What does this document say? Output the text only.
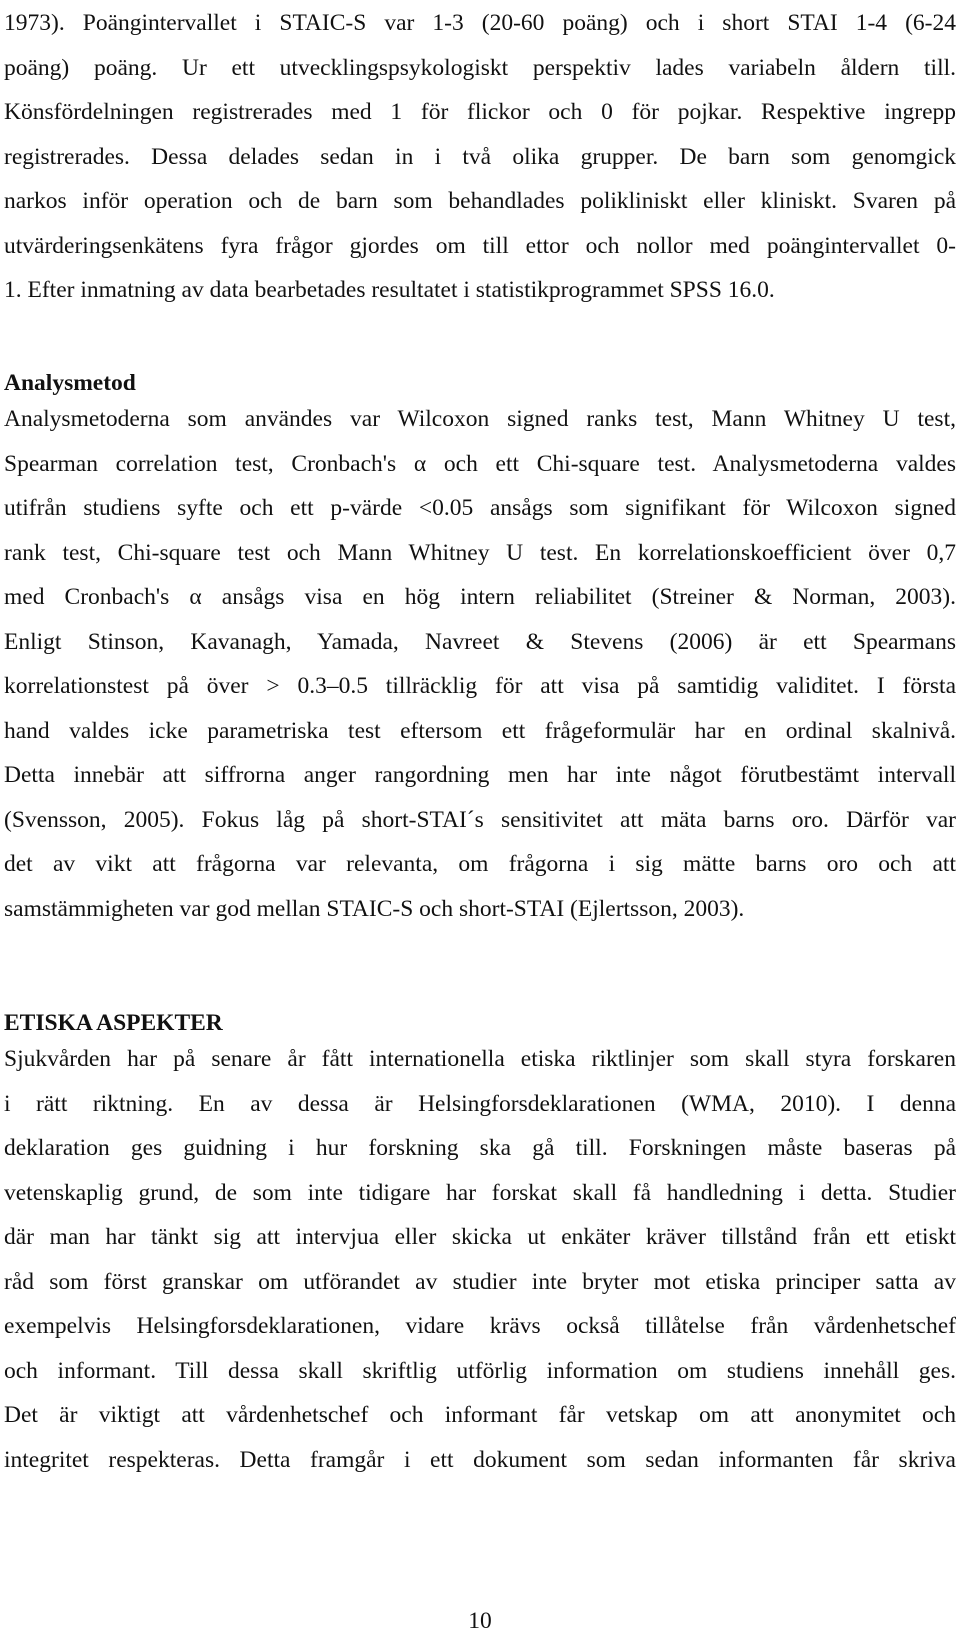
1973). Poängintervallet i STAIC-S var 1-3 (20-60 poäng) och i short STAI 1-4 (6-24
poäng) poäng. Ur ett utvecklingspsykologiskt perspektiv lades variabeln åldern till.
Könsfördelningen registrerades med 1 för flickor och 0 för pojkar. Respektive ingrepp
registrerades. Dessa delades sedan in i två olika grupper. De barn som genomgick
narkos inför operation och de barn som behandlades polikliniskt eller kliniskt. Svaren på
utvärderingsenkätens fyra frågor gjordes om till ettor och nollor med poängintervallet 0-
1. Efter inmatning av data bearbetades resultatet i statistikprogrammet SPSS 16.0.
Analysmetod
Analysmetoderna som användes var Wilcoxon signed ranks test, Mann Whitney U test,
Spearman correlation test, Cronbach's α och ett Chi-square test. Analysmetoderna valdes
utifrån studiens syfte och ett p-värde <0.05 ansågs som signifikant för Wilcoxon signed
rank test, Chi-square test och Mann Whitney U test. En korrelationskoefficient över 0,7
med Cronbach's α ansågs visa en hög intern reliabilitet (Streiner & Norman, 2003).
Enligt Stinson, Kavanagh, Yamada, Navreet & Stevens (2006) är ett Spearmans
korrelationstest på över > 0.3–0.5 tillräcklig för att visa på samtidig validitet. I första
hand valdes icke parametriska test eftersom ett frågeformulär har en ordinal skalnivå.
Detta innebär att siffrorna anger rangordning men har inte något förutbestämt intervall
(Svensson, 2005). Fokus låg på short-STAI´s sensitivitet att mäta barns oro. Därför var
det av vikt att frågorna var relevanta, om frågorna i sig mätte barns oro och att
samstämmigheten var god mellan STAIC-S och short-STAI (Ejlertsson, 2003).
ETISKA ASPEKTER
Sjukvården har på senare år fått internationella etiska riktlinjer som skall styra forskaren
i rätt riktning. En av dessa är Helsingforsdeklarationen (WMA, 2010). I denna
deklaration ges guidning i hur forskning ska gå till. Forskningen måste baseras på
vetenskaplig grund, de som inte tidigare har forskat skall få handledning i detta. Studier
där man har tänkt sig att intervjua eller skicka ut enkäter kräver tillstånd från ett etiskt
råd som först granskar om utförandet av studier inte bryter mot etiska principer satta av
exempelvis Helsingforsdeklarationen, vidare krävs också tillåtelse från vårdenhetschef
och informant. Till dessa skall skriftlig utförlig information om studiens innehåll ges.
Det är viktigt att vårdenhetschef och informant får vetskap om att anonymitet och
integritet respekteras. Detta framgår i ett dokument som sedan informanten får skriva
10
